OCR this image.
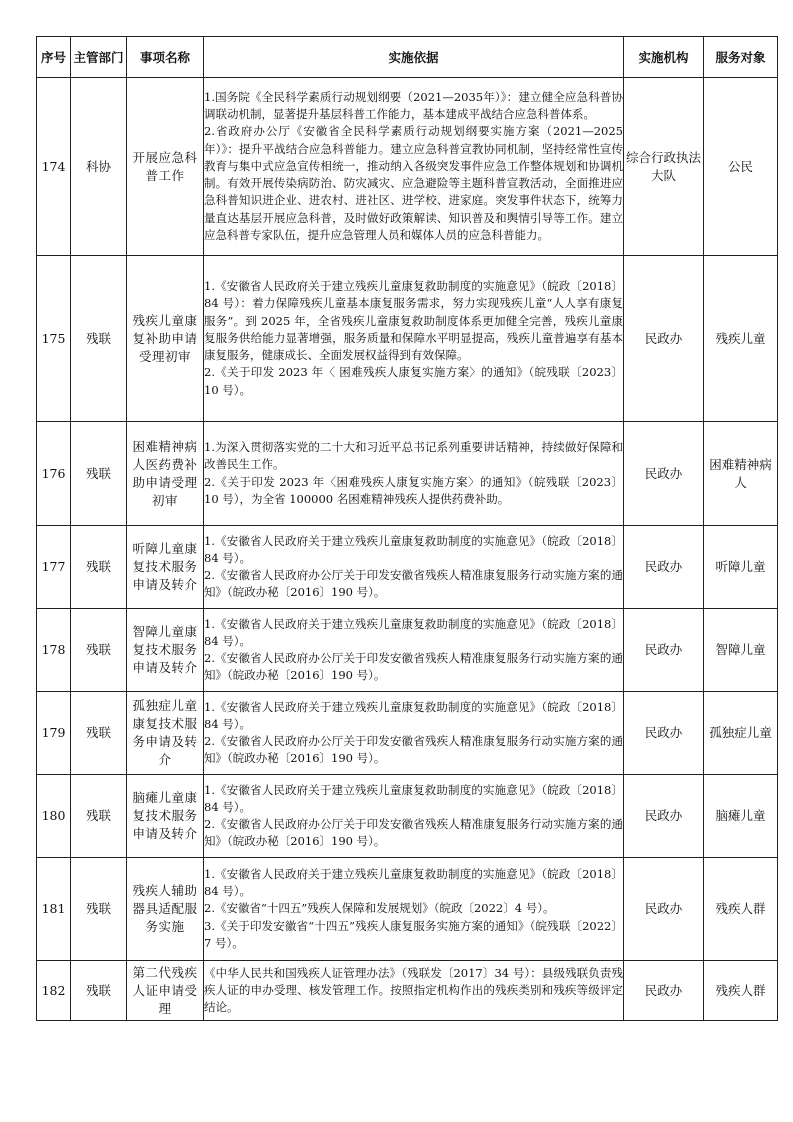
序号	主管部门	事项名称	实施依据	实施机构	服务对象
174	科协	开展应急科普工作	1.国务院《全民科学素质行动规划纲要（2021—2035年）》：建立健全应急科普协调联动机制，显著提升基层科普工作能力，基本建成平战结合应急科普体系。

2.省政府办公厅《安徽省全民科学素质行动规划纲要实施方案（2021—2025年）》：提升平战结合应急科普能力。建立应急科普宣教协同机制，坚持经常性宣传教育与集中式应急宣传相统一，推动纳入各级突发事件应急工作整体规划和协调机制。有效开展传染病防治、防灾减灾、应急避险等主题科普宣教活动，全面推进应急科普知识进企业、进农村、进社区、进学校、进家庭。突发事件状态下，统筹力量直达基层开展应急科普，及时做好政策解读、知识普及和舆情引导等工作。建立应急科普专家队伍，提升应急管理人员和媒体人员的应急科普能力。	综合行政执法大队	公民
175	残联	残疾儿童康复补助申请受理初审	1.《安徽省人民政府关于建立残疾儿童康复救助制度的实施意见》（皖政〔2018〕84 号）：着力保障残疾儿童基本康复服务需求，努力实现残疾儿童“人人享有康复服务”。到 2025 年，全省残疾儿童康复救助制度体系更加健全完善，残疾儿童康复服务供给能力显著增强，服务质量和保障水平明显提高，残疾儿童普遍享有基本康复服务，健康成长、全面发展权益得到有效保障。

2.《关于印发 2023 年〈 困难残疾人康复实施方案〉的通知》（皖残联〔2023〕10 号）。	民政办	残疾儿童
176	残联	困难精神病人医药费补助申请受理初审	1.为深入贯彻落实党的二十大和习近平总书记系列重要讲话精神，持续做好保障和改善民生工作。

2.《关于印发 2023 年〈困难残疾人康复实施方案〉的通知》（皖残联〔2023〕10 号），为全省 100000 名困难精神残疾人提供药费补助。	民政办	困难精神病人
177	残联	听障儿童康复技术服务申请及转介	1.《安徽省人民政府关于建立残疾儿童康复救助制度的实施意见》（皖政〔2018〕84 号）。

2.《安徽省人民政府办公厅关于印发安徽省残疾人精准康复服务行动实施方案的通知》（皖政办秘〔2016〕190 号）。	民政办	听障儿童
178	残联	智障儿童康复技术服务申请及转介	1.《安徽省人民政府关于建立残疾儿童康复救助制度的实施意见》（皖政〔2018〕84 号）。

2.《安徽省人民政府办公厅关于印发安徽省残疾人精准康复服务行动实施方案的通知》（皖政办秘〔2016〕190 号）。	民政办	智障儿童
179	残联	孤独症儿童康复技术服务申请及转介	1.《安徽省人民政府关于建立残疾儿童康复救助制度的实施意见》（皖政〔2018〕84 号）。

2.《安徽省人民政府办公厅关于印发安徽省残疾人精准康复服务行动实施方案的通知》（皖政办秘〔2016〕190 号）。	民政办	孤独症儿童
180	残联	脑瘫儿童康复技术服务申请及转介	1.《安徽省人民政府关于建立残疾儿童康复救助制度的实施意见》（皖政〔2018〕84 号）。

2.《安徽省人民政府办公厅关于印发安徽省残疾人精准康复服务行动实施方案的通知》（皖政办秘〔2016〕190 号）。	民政办	脑瘫儿童
181	残联	残疾人辅助器具适配服务实施	1.《安徽省人民政府关于建立残疾儿童康复救助制度的实施意见》（皖政〔2018〕84 号）。

2.《安徽省“十四五”残疾人保障和发展规划》（皖政〔2022〕4 号）。

3.《关于印发安徽省“十四五”残疾人康复服务实施方案的通知》（皖残联〔2022〕7 号）。	民政办	残疾人群
182	残联	第二代残疾人证申请受理	《中华人民共和国残疾人证管理办法》（残联发〔2017〕34 号）：县级残联负责残疾人证的申办受理、核发管理工作。按照指定机构作出的残疾类别和残疾等级评定结论。	民政办	残疾人群
